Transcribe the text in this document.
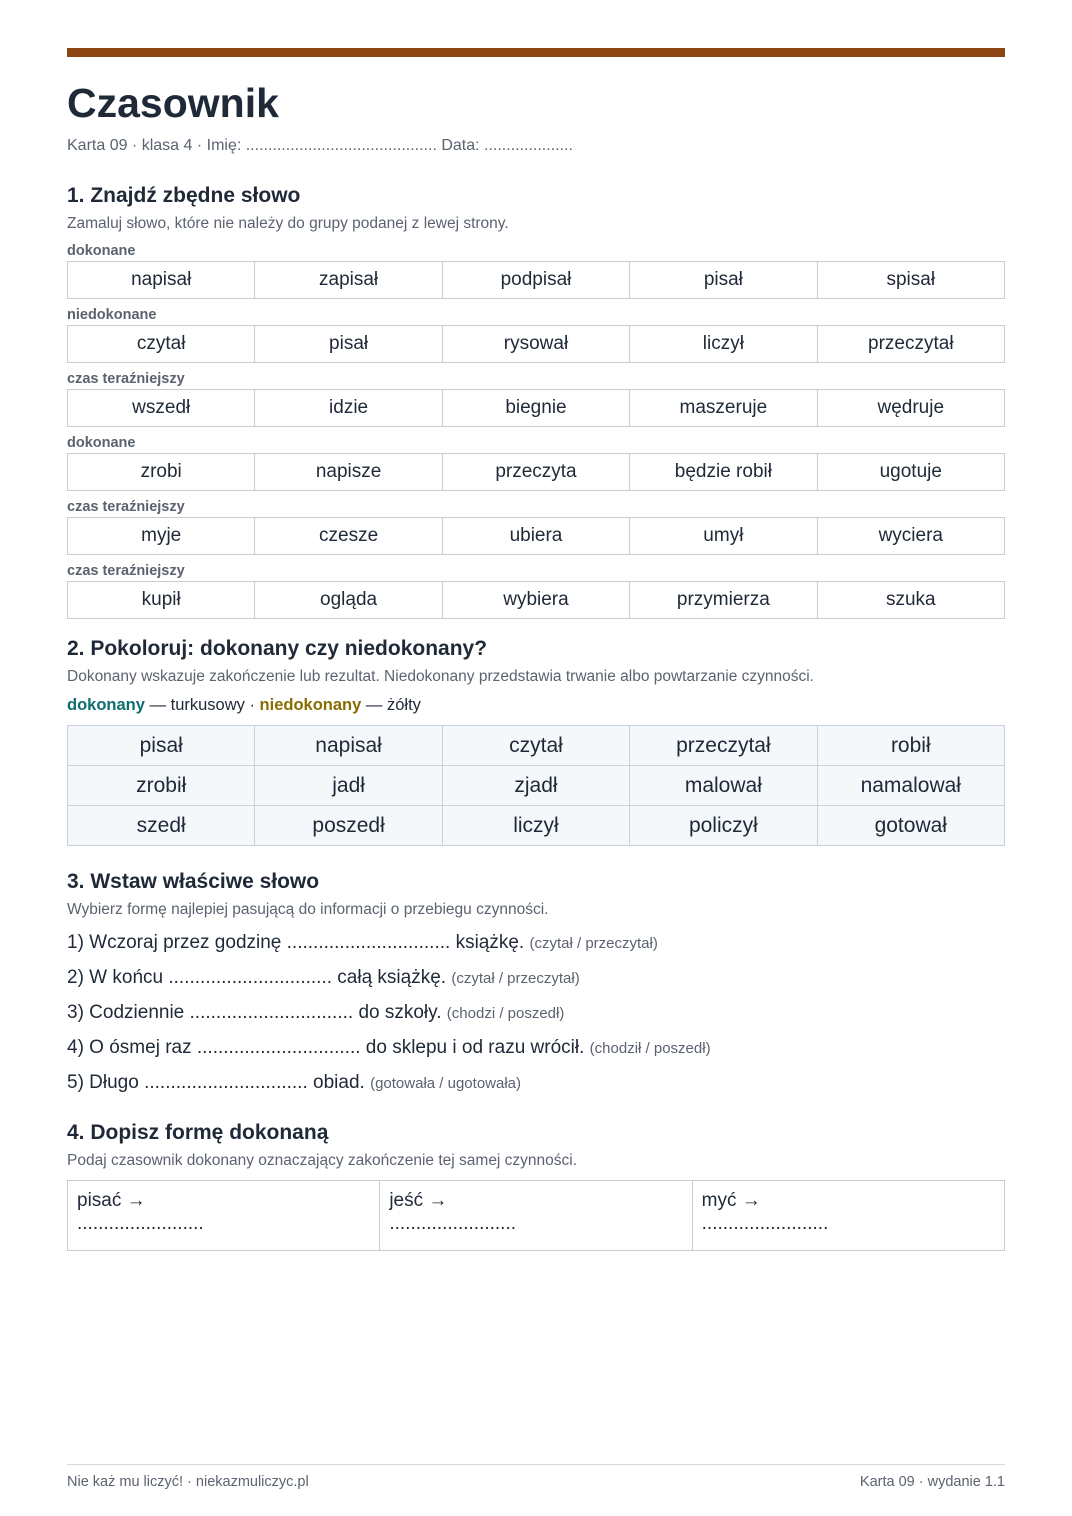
Czasownik
Karta 09 · klasa 4 · Imię: ........................................... Data: ....................
1. Znajdź zbędne słowo
Zamaluj słowo, które nie należy do grupy podanej z lewej strony.
dokonane
napisał	zapisał	podpisał	pisał	spisał
niedokonane
czytał	pisał	rysował	liczył	przeczytał
czas teraźniejszy
wszedł	idzie	biegnie	maszeruje	wędruje
dokonane
zrobi	napisze	przeczyta	będzie robił	ugotuje
czas teraźniejszy
myje	czesze	ubiera	umył	wyciera
czas teraźniejszy
kupił	ogląda	wybiera	przymierza	szuka
2. Pokoloruj: dokonany czy niedokonany?
Dokonany wskazuje zakończenie lub rezultat. Niedokonany przedstawia trwanie albo powtarzanie czynności.
dokonany — turkusowy · niedokonany — żółty
pisał	napisał	czytał	przeczytał	robił
zrobił	jadł	zjadł	malował	namalował
szedł	poszedł	liczył	policzył	gotował
3. Wstaw właściwe słowo
Wybierz formę najlepiej pasującą do informacji o przebiegu czynności.
1) Wczoraj przez godzinę ............................... książkę. (czytał / przeczytał)
2) W końcu ............................... całą książkę. (czytał / przeczytał)
3) Codziennie ............................... do szkoły. (chodzi / poszedł)
4) O ósmej raz ............................... do sklepu i od razu wrócił. (chodził / poszedł)
5) Długo ............................... obiad. (gotowała / ugotowała)
4. Dopisz formę dokonaną
Podaj czasownik dokonany oznaczający zakończenie tej samej czynności.
pisać →
........................

jeść →
........................

myć →
........................
Nie każ mu liczyć! · niekazmuliczyc.pl	Karta 09 · wydanie 1.1
